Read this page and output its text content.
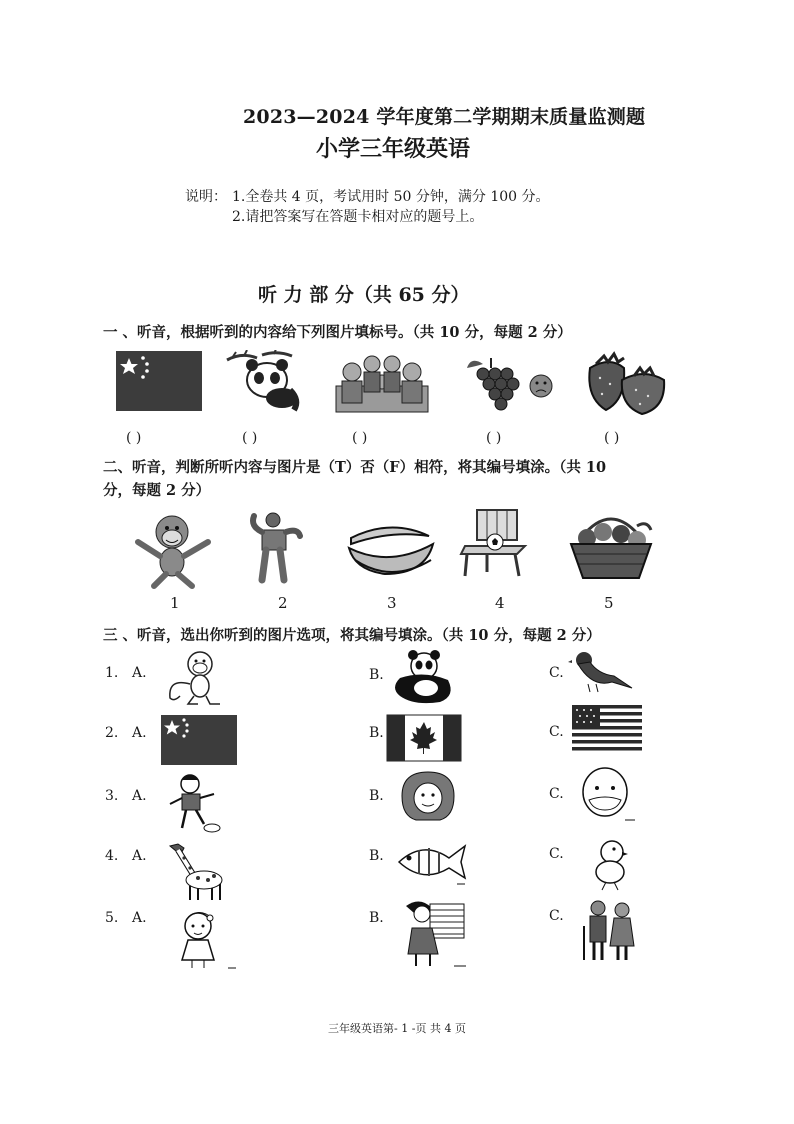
2023—2024 学年度第二学期期末质量监测题
小学三年级英语
说明： 1.全卷共 4 页，考试用时 50 分钟，满分 100 分。
2.请把答案写在答题卡相对应的题号上。
听 力 部 分（共 65 分）
一 、听音，根据听到的内容给下列图片填标号。（共 10 分，每题 2 分）
( )	( )	( )	( )	( )
二、听音，判断所听内容与图片是（T）否（F）相符，将其编号填涂。（共 10
分，每题 2 分）
1	2	3	4	5
三 、听音，选出你听到的图片选项，将其编号填涂。（共 10 分，每题 2 分）
1. A.	B.	C.
2. A.	B.	C.
3. A.	B.	C.
4. A.	B.	C.
5. A.	B.	C.
三年级英语第- 1 -页 共 4 页
